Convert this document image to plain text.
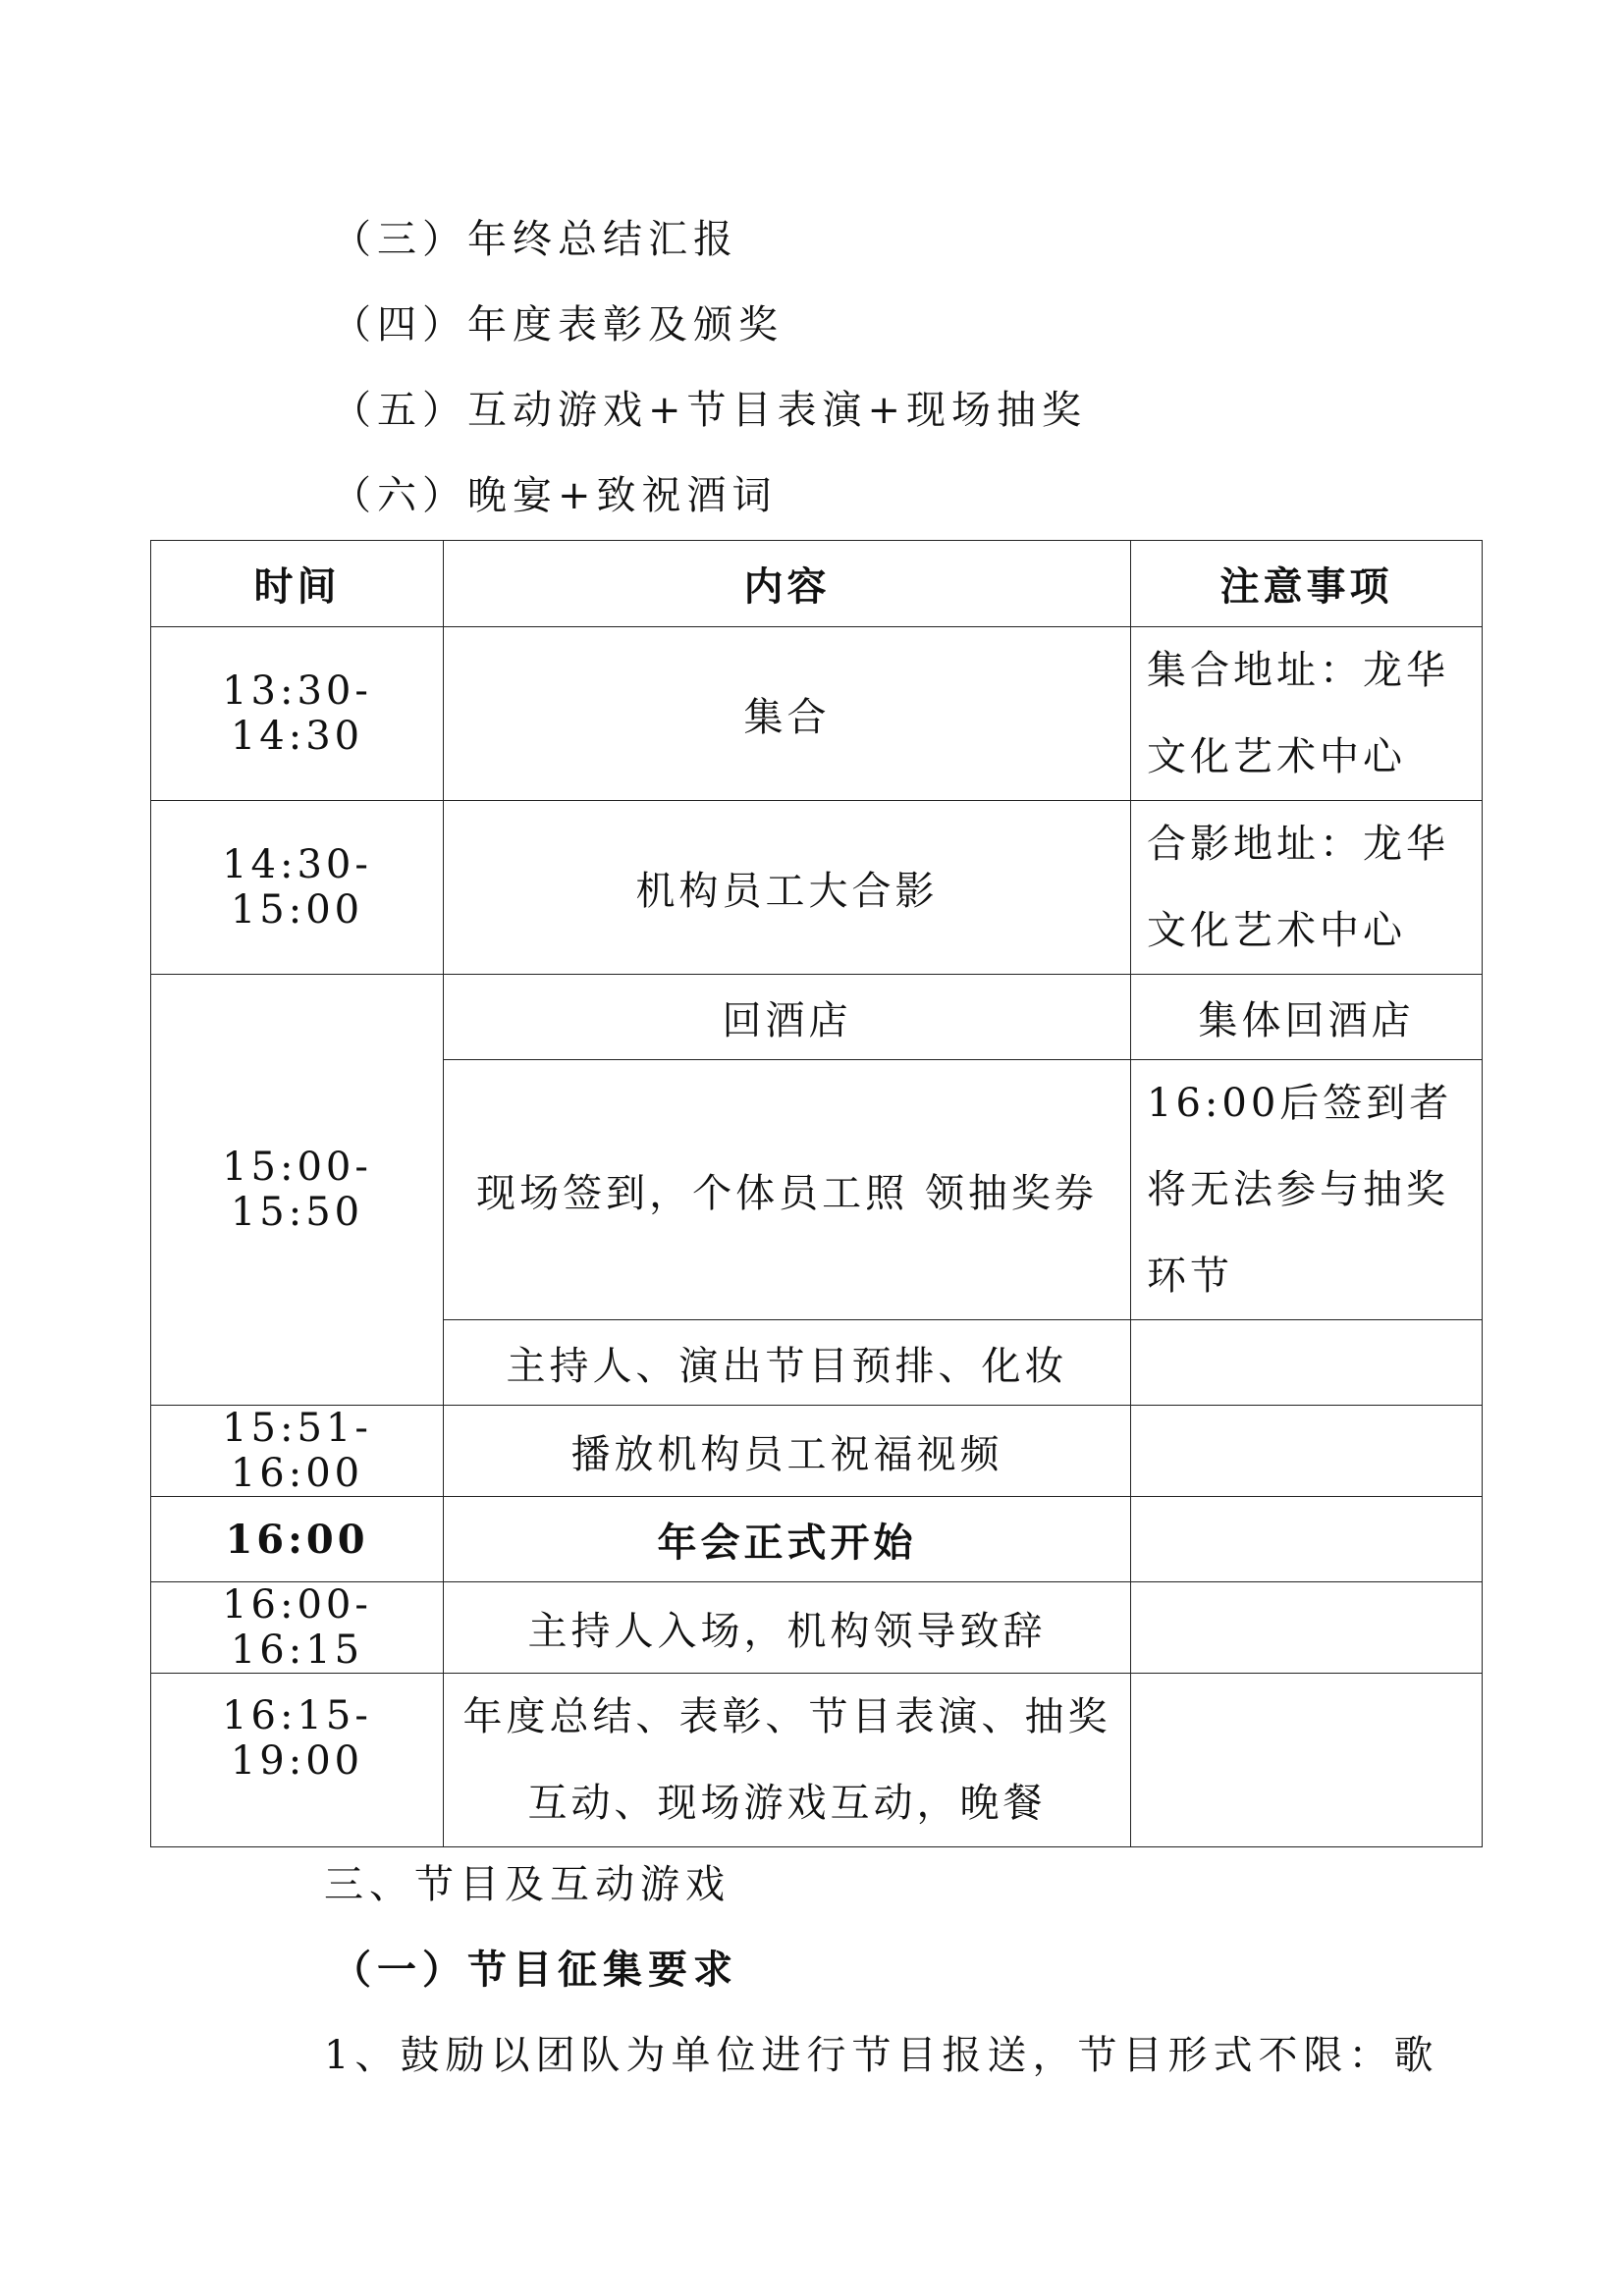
（三）年终总结汇报
（四）年度表彰及颁奖
（五）互动游戏+节目表演+现场抽奖
（六）晚宴+致祝酒词
时间	内容	注意事项
13:30-14:30	集合	集合地址：龙华文化艺术中心
14:30-15:00	机构员工大合影	合影地址：龙华文化艺术中心
15:00-15:50	回酒店	集体回酒店
	现场签到，个体员工照 领抽奖券	16:00后签到者将无法参与抽奖环节
	主持人、演出节目预排、化妆	
15:51-16:00	播放机构员工祝福视频	
16:00	年会正式开始	
16:00-16:15	主持人入场，机构领导致辞	
16:15-19:00	年度总结、表彰、节目表演、抽奖互动、现场游戏互动，晚餐	
三、节目及互动游戏
（一）节目征集要求
1、鼓励以团队为单位进行节目报送，节目形式不限：歌
